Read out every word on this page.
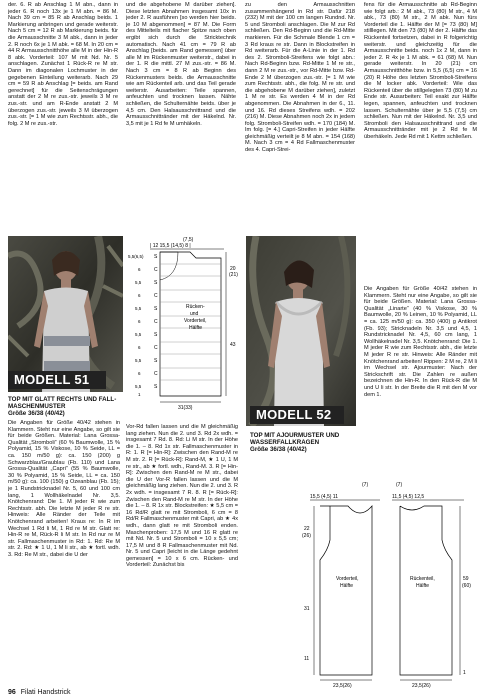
der. 6. R ab Anschlag 1 M abn., dann in jeder 6. R noch 13x je 1 M abn. = 86 M. Nach 39 cm = 85 R ab Anschlag beids. 1 Markierung anbringen und gerade weiterstr. Nach 5 cm = 12 R ab Markierung beids. für die Armausschnitte 3 M abk., dann in jeder 2. R noch 6x je 1 M abk. = 68 M. In 20 cm = 44 R Armausschnitthöhe alle M in der Hin-R 8 abk. Vorderteil: 107 M mit Nd. Nr. 5 anschlagen. Zunächst 1 Rück-R re M str. Dann im diagonalen Lochmuster in der gegebenen Einteilung weiterarb. Nach 29 cm = 59 R ab Anschlag [= beids. am Rand gerechnet] für die Seitenschrägungen anstatt der 2 M re zus.-str. jeweils 3 M re zus.-str. und am R-Ende anstatt 2 M überzogen zus.-str. jeweils 3 M überzogen zus.-str. [= 1 M wie zum Rechtsstr. abh., die folg. 2 M re zus.-str.

und die abgehobene M darüber ziehen]. Diese letzten Abnahmen insgesamt 10x in jeder 2. R ausführen [so werden hier beids. je 10 M abgenommen] = 87 M. Die Form des Mittelteils mit flacher Spitze nach oben ergibt sich durch die Stricktechnik automatisch. Nach 41 cm = 79 R ab Anschlag [beids. am Rand gemessen] über alle M im Rückenmuster weiterstr., dabei in der 1. R die mittl. 27 M zus.-str. = 86 M. Nach 3 cm = 8 R ab Beginn des Rückenmusters beids. die Armausschnitte wie am Rückenteil arb. und das Teil gerade weiterstr. Ausarbeiten: Teile spannen, anfeuchten und trocknen lassen. Nähte schließen, die Schulternähte beids. über je 4,5 cm. Den Halsausschnittrand und die Armausschnittränder mit der Häkelnd. Nr. 3,5 mit je 1 Rd fe M umhäkeln.

zu den Armausschnitten zusammenhängend in Rd str. Dafür 218 (232) M mit der 100 cm langen Rundnd. Nr. 5 und Stromboli anschlagen. Die M zur Rd schließen. Den Rd-Beginn und die Rd-Mitte markieren. Für die Schmale Blende 1 cm = 3 Rd kraus re str. Dann in Blockstreifen in Rd weiterarb. Für die A-Linie in der 1. Rd des 2. Stromboli-Streifens wie folgt abn.: Nach Rd-Beginn bzw. Rd-Mitte 1 M re str., dann 2 M re zus.-str., vor Rd-Mitte bzw. Rd-Ende 2 M überzogen zus.-str. [= 1 M wie zum Rechtsstr. abh., die folg. M re str. und die abgehobene M darüber ziehen], zuletzt 1 M re str. Es werden 4 M in der Rd abgenommen. Die Abnahmen in der 6., 11. und 16. Rd dieses Streifens wdh. = 202 (216) M. Diese Abnahmen noch 2x in jedem folg. Stromboli-Streifen wdh. = 170 (184) M. Im folg. [= 4.] Capri-Streifen in jeder Hälfte gleichmäßig verteilt je 8 M abn. = 154 (168) M. Nach 3 cm = 4 Rd Fallmaschenmuster des 4. Capri-Strei-

fens für die Armausschnitte ab Rd-Beginn wie folgt arb.: 2 M abk., 73 (80) M str., 4 M abk., 73 (80) M str., 2 M abk. Nun fürs Vorderteil die 1. Hälfte der M [= 73 (80) M] stilllegen. Mit den 73 (80) M der 2. Hälfte das Rückenteil fortsetzen, dabei in R folgerichtig weiterstr. und gleichzeitig für die Armausschnitte beids. noch 1x 2 M, dann in jeder 2. R 4x je 1 M abk. = 61 (68) M. Nun gerade weiterstr. In 20 (21) cm Armausschnitthöhe bzw. in 5,5 (6,5) cm = 16 (20) R Höhe des letzten Stromboli-Streifens die M locker abk. Vorderteil: Wie das Rückenteil über die stillgelegten 73 (80) M zu Ende str. Ausarbeiten: Teil exakt zur Hälfte legen, spannen, anfeuchten und trocknen lassen. Schulternähte über je 5,5 (7,5) cm schließen. Nun mit der Häkelnd. Nr. 3,5 und Stromboli den Halsausschnittrand und die Armausschnittränder mit je 2 Rd fe M überhäkeln. Jede Rd mit 1 Kettm schließen.

MODELL 51
TOP MIT GLATT RECHTS UND FALL-
MASCHENMUSTER
Größe 36/38 (40/42)

Die Angaben für Größe 40/42 stehen in Klammern. Steht nur eine Angabe, so gilt sie für beide Größen. Material: Lana Grossa-Qualität „Stromboli“ (60 % Baumwolle, 15 % Polyamid, 15 % Viskose, 10 % Seide, LL = ca. 150 m/50 g): ca. 150 (200) g Schwarzblau/Graublau (Fb. 110) und Lana Grossa-Qualität „Capri“ (55 % Baumwolle, 30 % Polyamid, 15 % Seide, LL = ca. 150 m/50 g): ca. 100 (150) g Ozeanblau (Fb. 15); je 1 Rundstricknadel Nr. 5, 60 und 100 cm lang, 1 Wollhäkelnadel Nr. 3,5. Knötchenrand: Die 1. M jeder R wie zum Rechtsstr. abh. Die letzte M jeder R re str. Hinweis: Alle Ränder der Teile mit Knötchenrand arbeiten! Kraus re: In R im Wechsel 1 Rd li M, 1 Rd re M str. Glatt re: Hin-R re M, Rück-R li M str. In Rd nur re M str. Fallmaschenmuster in Rd: 1. Rd: Re M str. 2. Rd: ★ 1 U, 1 M li str., ab ★ fortl. wdh. 3. Rd: Re M str., dabei die U der

(7,5)
| 12 15,5 (14,5) 8 |
S
C
S
C
S
C
S
C
S
C
S
5,5(6,5)
6
5,5
6
5,5
6
5,5
6
5,5
6
5,5
1
Rücken-
und
Vorderteil,
Hälfte
20
(21)
43
31(33)

Vor-Rd fallen lassen und die M gleichmäßig lang ziehen. Nun die 2. und 3. Rd 2x wdh. = insgesamt 7 Rd. 8. Rd: Li M str. In der Höhe die 1. – 8. Rd 1x str. Fallmaschenmuster in R: 1. R [= Hin-R]: Zwischen den Rand-M re M str. 2. R [= Rück-R]: Rand-M, ★ 1 U, 1 M re str., ab ★ fortl. wdh., Rand-M. 3. R [= Hin-R]: Zwischen den Rand-M re M str., dabei die U der Vor-R fallen lassen und die M gleichmäßig lang ziehen. Nun die 2. und 3. R 2x wdh. = insgesamt 7 R. 8. R [= Rück-R]: Zwischen den Rand-M re M str. In der Höhe die 1. – 8. R 1x str. Blockstreifen: ★ 5,5 cm = 16 Rd/R glatt re mit Stromboli, 6 cm = 8 Rd/R Fallmaschenmuster mit Capri, ab ★ 4x wdh., dann glatt re mit Stromboli enden. Maschenproben: 17,5 M und 16 R glatt re mit Nd. Nr. 5 und Stromboli = 10 x 5,5 cm; 17,5 M und 8 R Fallmaschenmuster mit Nd. Nr. 5 und Capri [leicht in die Länge gedehnt gemessen] = 10 x 6 cm. Rücken- und Vorderteil: Zunächst bis

MODELL 52

Die Angaben für Größe 40/42 stehen in Klammern. Steht nur eine Angabe, so gilt sie für beide Größen. Material: Lana Grossa-Qualität „Linarte“ (40 % Viskose, 30 % Baumwolle, 20 % Leinen, 10 % Polyamid, LL = ca. 125 m/50 g): ca. 350 (400) g Antikrot (Fb. 93); Stricknadeln Nr. 3,5 und 4,5, 1 Rundstricknadel Nr. 4,5, 60 cm lang, 1 Wollhäkelnadel Nr. 3,5. Knötchenrand: Die 1. M jeder R wie zum Rechtsstr. abh., die letzte M jeder R re str. Hinweis: Alle Ränder mit Knötchenrand arbeiten! Rippen: 2 M re, 2 M li im Wechsel str. Ajourmuster: Nach der Strickschrift str. Die Zahlen re außen bezeichnen die Hin-R. In den Rück-R die M und U li str. In der Breite die R mit den M vor dem 1.

TOP MIT AJOURMUSTER UND
WASSERFALLKRAGEN
Größe 36/38 (40/42)
(7)
15,5 (4,5) 11
Vorderteil,
Hälfte
22
(26)
31
11
23,5(26)
(7)
11,5 (4,5) 12,5
Rückenteil,
Hälfte
59
(60)
1
23,5(26)
96 Filati Handstrick
